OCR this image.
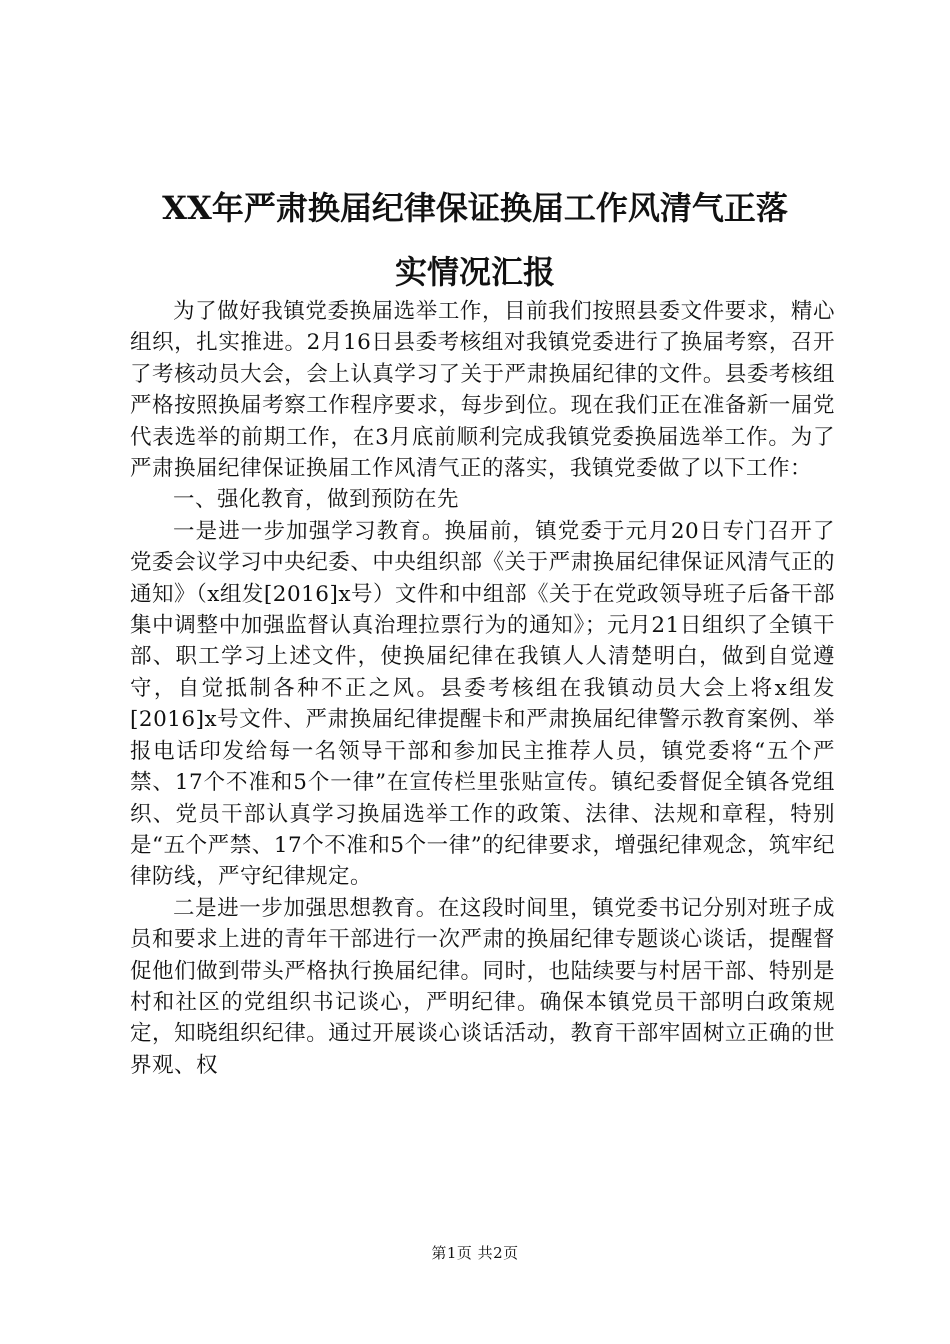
XX年严肃换届纪律保证换届工作风清气正落
实情况汇报

为了做好我镇党委换届选举工作，目前我们按照县委文件要求，精心组织，扎实推进。2月16日县委考核组对我镇党委进行了换届考察，召开了考核动员大会，会上认真学习了关于严肃换届纪律的文件。县委考核组严格按照换届考察工作程序要求，每步到位。现在我们正在准备新一届党代表选举的前期工作，在3月底前顺利完成我镇党委换届选举工作。为了严肃换届纪律保证换届工作风清气正的落实，我镇党委做了以下工作：

一、强化教育，做到预防在先

一是进一步加强学习教育。换届前，镇党委于元月20日专门召开了党委会议学习中央纪委、中央组织部《关于严肃换届纪律保证风清气正的通知》（x组发[2016]x号）文件和中组部《关于在党政领导班子后备干部集中调整中加强监督认真治理拉票行为的通知》；元月21日组织了全镇干部、职工学习上述文件，使换届纪律在我镇人人清楚明白，做到自觉遵守，自觉抵制各种不正之风。县委考核组在我镇动员大会上将x组发[2016]x号文件、严肃换届纪律提醒卡和严肃换届纪律警示教育案例、举报电话印发给每一名领导干部和参加民主推荐人员，镇党委将“五个严禁、17个不准和5个一律”在宣传栏里张贴宣传。镇纪委督促全镇各党组织、党员干部认真学习换届选举工作的政策、法律、法规和章程，特别是“五个严禁、17个不准和5个一律”的纪律要求，增强纪律观念，筑牢纪律防线，严守纪律规定。

二是进一步加强思想教育。在这段时间里，镇党委书记分别对班子成员和要求上进的青年干部进行一次严肃的换届纪律专题谈心谈话，提醒督促他们做到带头严格执行换届纪律。同时，也陆续要与村居干部、特别是村和社区的党组织书记谈心，严明纪律。确保本镇党员干部明白政策规定，知晓组织纪律。通过开展谈心谈话活动，教育干部牢固树立正确的世界观、权

第1页 共2页
